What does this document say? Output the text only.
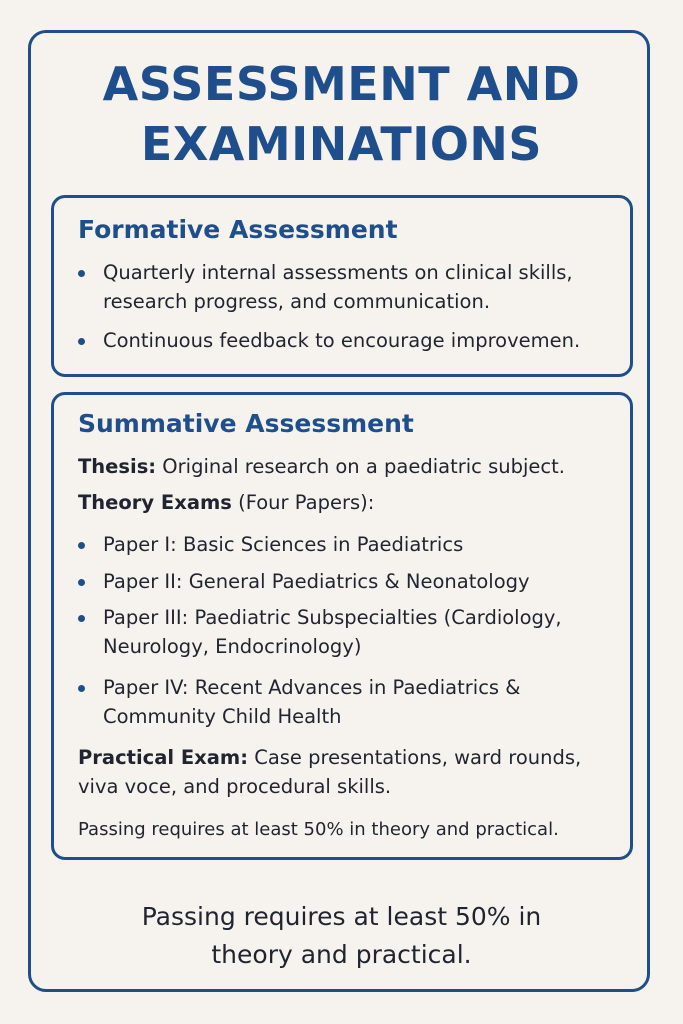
ASSESSMENT AND
EXAMINATIONS
Formative Assessment
Quarterly internal assessments on clinical skills, research progress, and communication.
Continuous feedback to encourage improvemen.
Summative Assessment
Thesis: Original research on a paediatric subject.
Theory Exams (Four Papers):
Paper I: Basic Sciences in Paediatrics
Paper II: General Paediatrics & Neonatology
Paper III: Paediatric Subspecialties (Cardiology, Neurology, Endocrinology)
Paper IV: Recent Advances in Paediatrics & Community Child Health
Practical Exam: Case presentations, ward rounds, viva voce, and procedural skills.
Passing requires at least 50% in theory and practical.
Passing requires at least 50% in theory and practical.
